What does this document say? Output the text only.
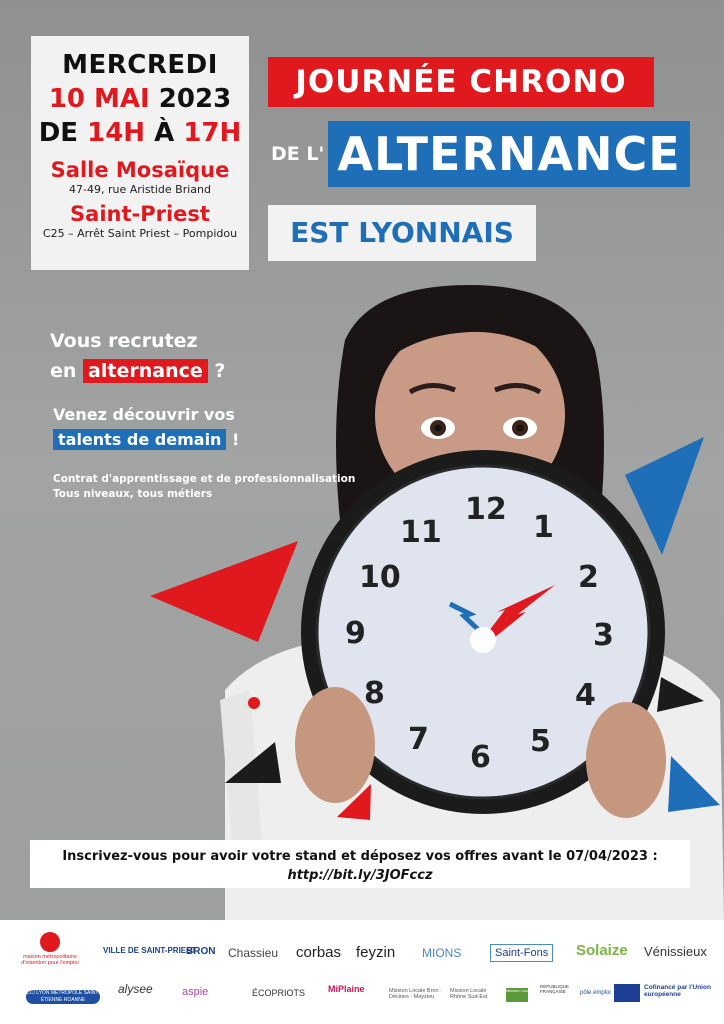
12
1
2
3
4
5
6
7
8
9
10
11
MERCREDI
10 MAI 2023
DE 14H À 17H
Salle Mosaïque
47-49, rue Aristide Briand
Saint-Priest
C25 – Arrêt Saint Priest – Pompidou
JOURNÉE CHRONO
DE L' ALTERNANCE
EST LYONNAIS
Vous recrutez
en alternance ?
Venez découvrir vos
talents de demain !
Contrat d'apprentissage et de professionnalisation
Tous niveaux, tous métiers
Inscrivez-vous pour avoir votre stand et déposez vos offres avant le 07/04/2023 :
http://bit.ly/3JOFccz
maison métropolitaine d'insertion pour l'emploi
VILLE DE SAINT-PRIEST
BRON Chassieu corbas feyzin MIONS	Saint-Fons	Solaize Vénissieux
CCI LYON MÉTROPOLE SAINT-ÉTIENNE ROANNE
alysee	aspie	ÉCOPRIOTS	MiPlaine	Mission Locale Bron · Décines · Meyzieu
Mission Locale Rhône Sud-Est
Mission Locale
RÉPUBLIQUE FRANÇAISE	pôle emploi
Cofinancé par l'Union européenne
